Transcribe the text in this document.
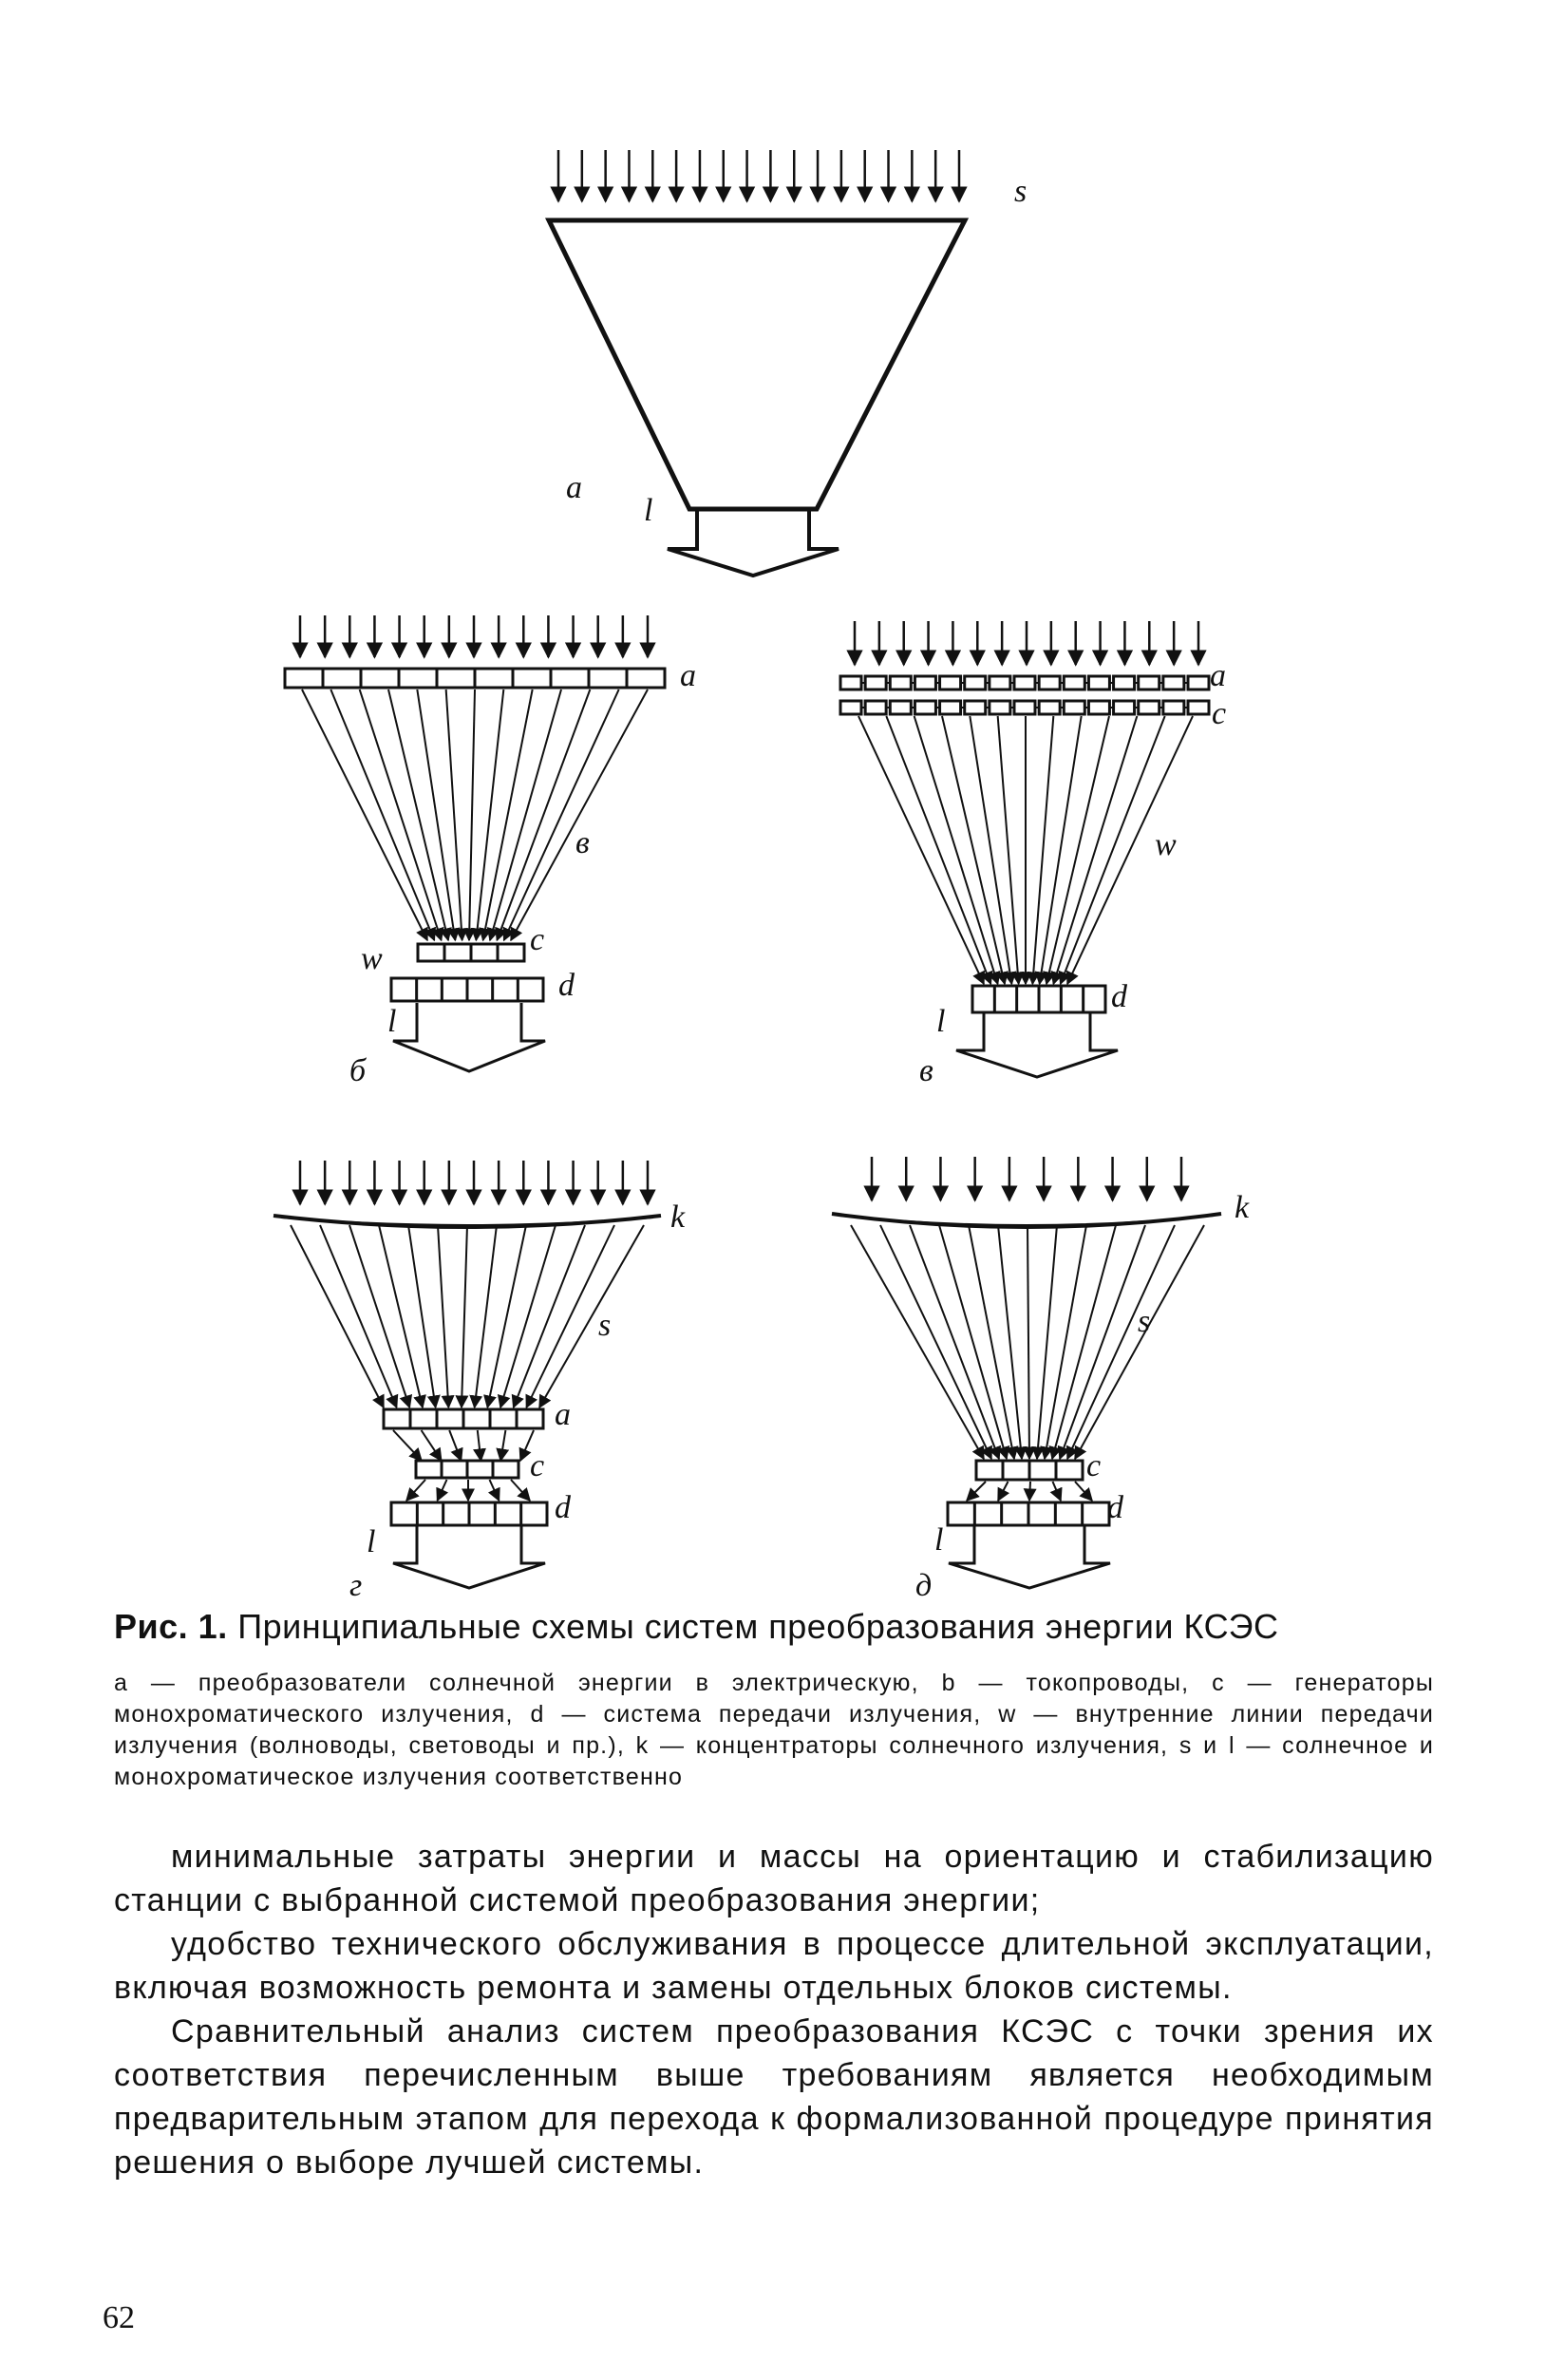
s
a
l
a
в
w
c
d
l
б
a
c
w
d
l
в
k
s
a
c
d
l
г
k
s
c
d
l
д
Рис. 1. Принципиальные схемы систем преобразования энергии КСЭС
а — преобразователи солнечной энергии в электрическую, b — токопроводы, с — генераторы монохроматического излучения, d — система передачи излучения, w — внутренние линии передачи излучения (волноводы, световоды и пр.), k — концентраторы солнечного излучения, s и l — солнечное и монохроматическое излучения соответственно

минимальные затраты энергии и массы на ориентацию и стабилизацию станции с выбранной системой преобразования энергии;

удобство технического обслуживания в процессе длительной эксплуатации, включая возможность ремонта и замены отдельных блоков системы.

Сравнительный анализ систем преобразования КСЭС с точки зрения их соответствия перечисленным выше требованиям является необходимым предварительным этапом для перехода к формализованной процедуре принятия решения о выборе лучшей системы.

62
